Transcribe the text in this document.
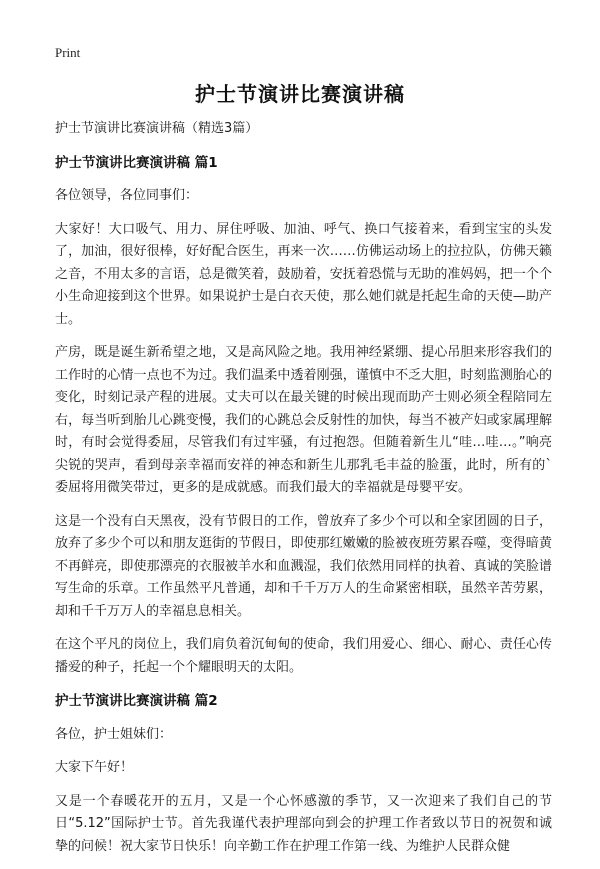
Print
护士节演讲比赛演讲稿

护士节演讲比赛演讲稿（精选3篇）

护士节演讲比赛演讲稿 篇1

各位领导，各位同事们：

大家好！大口吸气、用力、屏住呼吸、加油、呼气、换口气接着来，看到宝宝的头发了，加油，很好很棒，好好配合医生，再来一次……仿佛运动场上的拉拉队，仿佛天籁之音，不用太多的言语，总是微笑着，鼓励着，安抚着恐慌与无助的准妈妈，把一个个小生命迎接到这个世界。如果说护士是白衣天使，那么她们就是托起生命的天使—助产士。

产房，既是诞生新希望之地，又是高风险之地。我用神经紧绷、提心吊胆来形容我们的工作时的心情一点也不为过。我们温柔中透着刚强，谨慎中不乏大胆，时刻监测胎心的变化，时刻记录产程的进展。丈夫可以在最关键的时候出现而助产士则必须全程陪同左右，每当听到胎儿心跳变慢，我们的心跳总会反射性的加快，每当不被产妇或家属理解时，有时会觉得委屈，尽管我们有过牢骚，有过抱怨。但随着新生儿“哇…哇…。”响亮尖锐的哭声，看到母亲幸福而安祥的神态和新生儿那乳毛丰益的脸蛋，此时，所有的`委屈将用微笑带过，更多的是成就感。而我们最大的幸福就是母婴平安。

这是一个没有白天黑夜，没有节假日的工作，曾放弃了多少个可以和全家团圆的日子，放弃了多少个可以和朋友逛街的节假日，即使那红嫩嫩的脸被夜班劳累吞噬，变得暗黄不再鲜亮，即使那漂亮的衣服被羊水和血溅湿，我们依然用同样的执着、真诚的笑脸谱写生命的乐章。工作虽然平凡普通，却和千千万万人的生命紧密相联，虽然辛苦劳累，却和千千万万人的幸福息息相关。

在这个平凡的岗位上，我们肩负着沉甸甸的使命，我们用爱心、细心、耐心、责任心传播爱的种子，托起一个个耀眼明天的太阳。

护士节演讲比赛演讲稿 篇2

各位，护士姐妹们：

大家下午好！

又是一个春暖花开的五月，又是一个心怀感激的季节，又一次迎来了我们自己的节日“5.12”国际护士节。首先我谨代表护理部向到会的护理工作者致以节日的祝贺和诚挚的问候！祝大家节日快乐！向辛勤工作在护理工作第一线、为维护人民群众健
